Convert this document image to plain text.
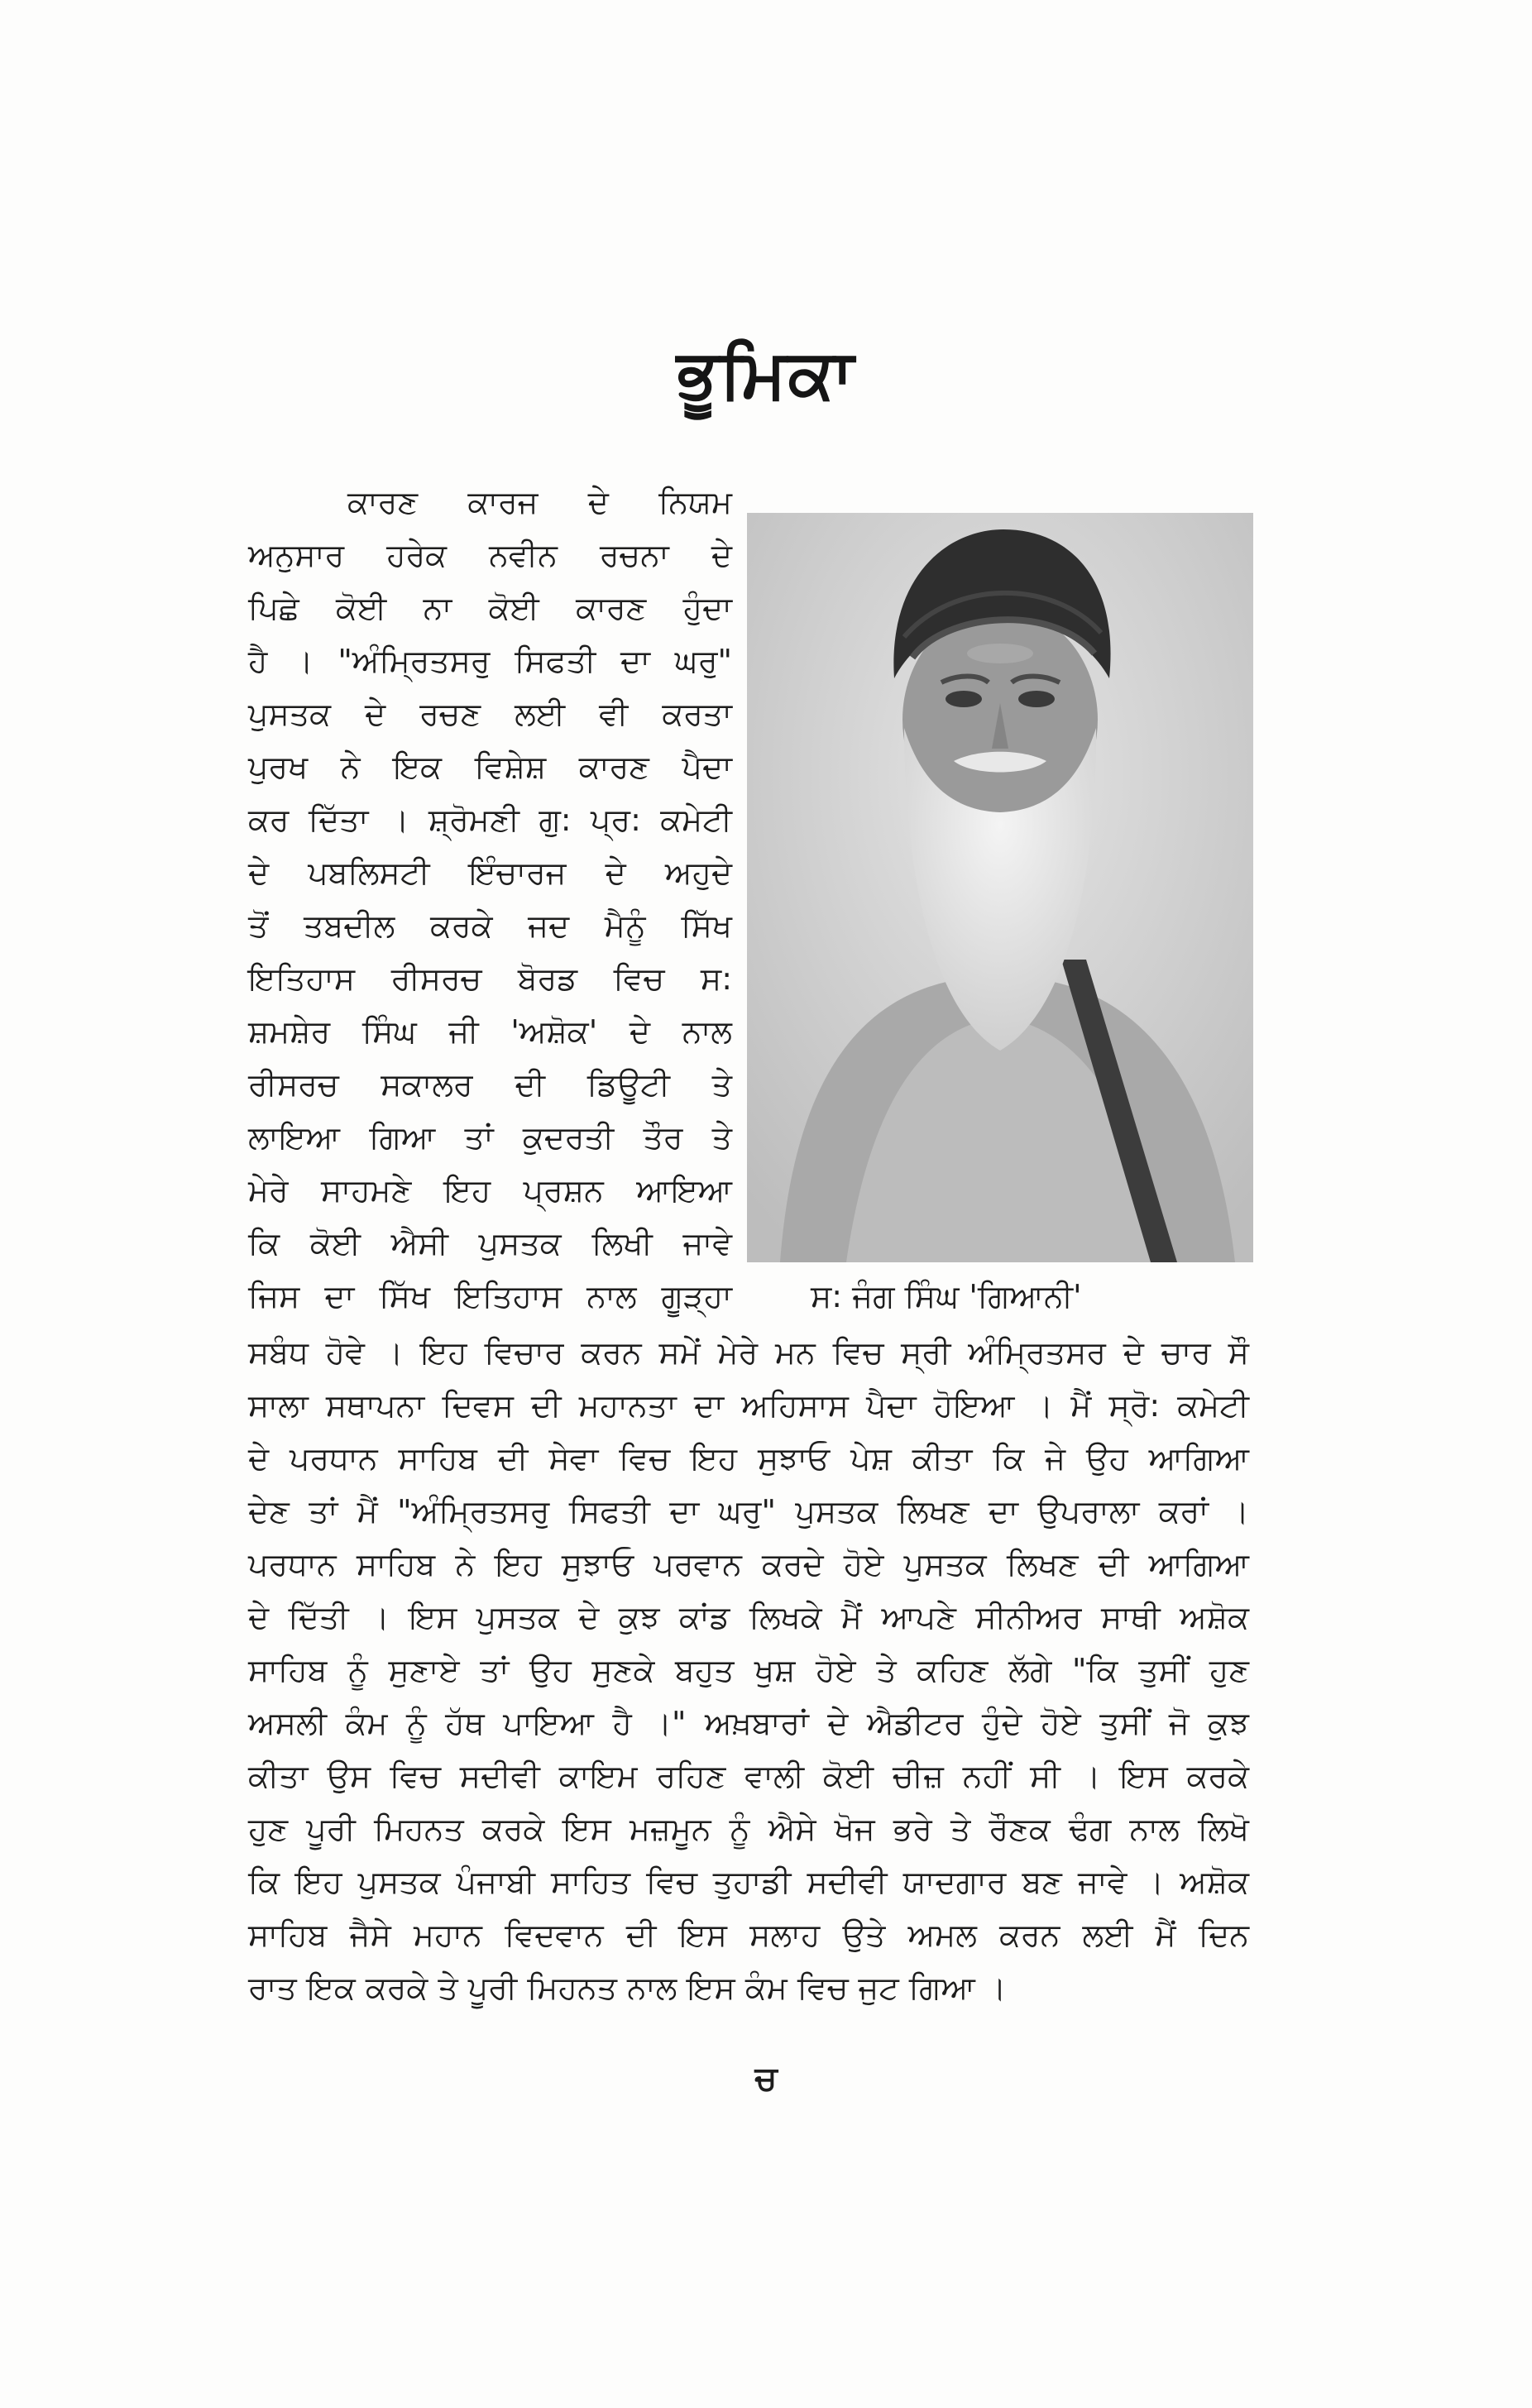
ਭੂਮਿਕਾ
ਕਾਰਣ ਕਾਰਜ ਦੇ ਨਿਯਮ
ਅਨੁਸਾਰ ਹਰੇਕ ਨਵੀਨ ਰਚਨਾ ਦੇ
ਪਿਛੇ ਕੋਈ ਨਾ ਕੋਈ ਕਾਰਣ ਹੁੰਦਾ
ਹੈ । "ਅੰਮ੍ਰਿਤਸਰੁ ਸਿਫਤੀ ਦਾ ਘਰੁ"
ਪੁਸਤਕ ਦੇ ਰਚਣ ਲਈ ਵੀ ਕਰਤਾ
ਪੁਰਖ ਨੇ ਇਕ ਵਿਸ਼ੇਸ਼ ਕਾਰਣ ਪੈਦਾ
ਕਰ ਦਿੱਤਾ । ਸ਼੍ਰੋਮਣੀ ਗੁ: ਪ੍ਰ: ਕਮੇਟੀ
ਦੇ ਪਬਲਿਸਟੀ ਇੰਚਾਰਜ ਦੇ ਅਹੁਦੇ
ਤੋਂ ਤਬਦੀਲ ਕਰਕੇ ਜਦ ਮੈਨੂੰ ਸਿੱਖ
ਇਤਿਹਾਸ ਰੀਸਰਚ ਬੋਰਡ ਵਿਚ ਸ:
ਸ਼ਮਸ਼ੇਰ ਸਿੰਘ ਜੀ 'ਅਸ਼ੋਕ' ਦੇ ਨਾਲ
ਰੀਸਰਚ ਸਕਾਲਰ ਦੀ ਡਿਊਟੀ ਤੇ
ਲਾਇਆ ਗਿਆ ਤਾਂ ਕੁਦਰਤੀ ਤੌਰ ਤੇ
ਮੇਰੇ ਸਾਹਮਣੇ ਇਹ ਪ੍ਰਸ਼ਨ ਆਇਆ
ਕਿ ਕੋਈ ਐਸੀ ਪੁਸਤਕ ਲਿਖੀ ਜਾਵੇ
ਜਿਸ ਦਾ ਸਿੱਖ ਇਤਿਹਾਸ ਨਾਲ ਗੂੜ੍ਹਾ	ਸ: ਜੰਗ ਸਿੰਘ 'ਗਿਆਨੀ'
ਸਬੰਧ ਹੋਵੇ । ਇਹ ਵਿਚਾਰ ਕਰਨ ਸਮੇਂ ਮੇਰੇ ਮਨ ਵਿਚ ਸ੍ਰੀ ਅੰਮ੍ਰਿਤਸਰ ਦੇ ਚਾਰ ਸੌ
ਸਾਲਾ ਸਥਾਪਨਾ ਦਿਵਸ ਦੀ ਮਹਾਨਤਾ ਦਾ ਅਹਿਸਾਸ ਪੈਦਾ ਹੋਇਆ । ਮੈਂ ਸ੍ਰੋ: ਕਮੇਟੀ
ਦੇ ਪਰਧਾਨ ਸਾਹਿਬ ਦੀ ਸੇਵਾ ਵਿਚ ਇਹ ਸੁਝਾਓ ਪੇਸ਼ ਕੀਤਾ ਕਿ ਜੇ ਉਹ ਆਗਿਆ
ਦੇਣ ਤਾਂ ਮੈਂ "ਅੰਮ੍ਰਿਤਸਰੁ ਸਿਫਤੀ ਦਾ ਘਰੁ" ਪੁਸਤਕ ਲਿਖਣ ਦਾ ਉਪਰਾਲਾ ਕਰਾਂ ।
ਪਰਧਾਨ ਸਾਹਿਬ ਨੇ ਇਹ ਸੁਝਾਓ ਪਰਵਾਨ ਕਰਦੇ ਹੋਏ ਪੁਸਤਕ ਲਿਖਣ ਦੀ ਆਗਿਆ
ਦੇ ਦਿੱਤੀ । ਇਸ ਪੁਸਤਕ ਦੇ ਕੁਝ ਕਾਂਡ ਲਿਖਕੇ ਮੈਂ ਆਪਣੇ ਸੀਨੀਅਰ ਸਾਥੀ ਅਸ਼ੋਕ
ਸਾਹਿਬ ਨੂੰ ਸੁਣਾਏ ਤਾਂ ਉਹ ਸੁਣਕੇ ਬਹੁਤ ਖੁਸ਼ ਹੋਏ ਤੇ ਕਹਿਣ ਲੱਗੇ "ਕਿ ਤੁਸੀਂ ਹੁਣ
ਅਸਲੀ ਕੰਮ ਨੂੰ ਹੱਥ ਪਾਇਆ ਹੈ ।" ਅਖ਼ਬਾਰਾਂ ਦੇ ਐਡੀਟਰ ਹੁੰਦੇ ਹੋਏ ਤੁਸੀਂ ਜੋ ਕੁਝ
ਕੀਤਾ ਉਸ ਵਿਚ ਸਦੀਵੀ ਕਾਇਮ ਰਹਿਣ ਵਾਲੀ ਕੋਈ ਚੀਜ਼ ਨਹੀਂ ਸੀ । ਇਸ ਕਰਕੇ
ਹੁਣ ਪੂਰੀ ਮਿਹਨਤ ਕਰਕੇ ਇਸ ਮਜ਼ਮੂਨ ਨੂੰ ਐਸੇ ਖੋਜ ਭਰੇ ਤੇ ਰੌਣਕ ਢੰਗ ਨਾਲ ਲਿਖੋ
ਕਿ ਇਹ ਪੁਸਤਕ ਪੰਜਾਬੀ ਸਾਹਿਤ ਵਿਚ ਤੁਹਾਡੀ ਸਦੀਵੀ ਯਾਦਗਾਰ ਬਣ ਜਾਵੇ । ਅਸ਼ੋਕ
ਸਾਹਿਬ ਜੈਸੇ ਮਹਾਨ ਵਿਦਵਾਨ ਦੀ ਇਸ ਸਲਾਹ ਉਤੇ ਅਮਲ ਕਰਨ ਲਈ ਮੈਂ ਦਿਨ
ਰਾਤ ਇਕ ਕਰਕੇ ਤੇ ਪੂਰੀ ਮਿਹਨਤ ਨਾਲ ਇਸ ਕੰਮ ਵਿਚ ਜੁਟ ਗਿਆ ।
ਚ
